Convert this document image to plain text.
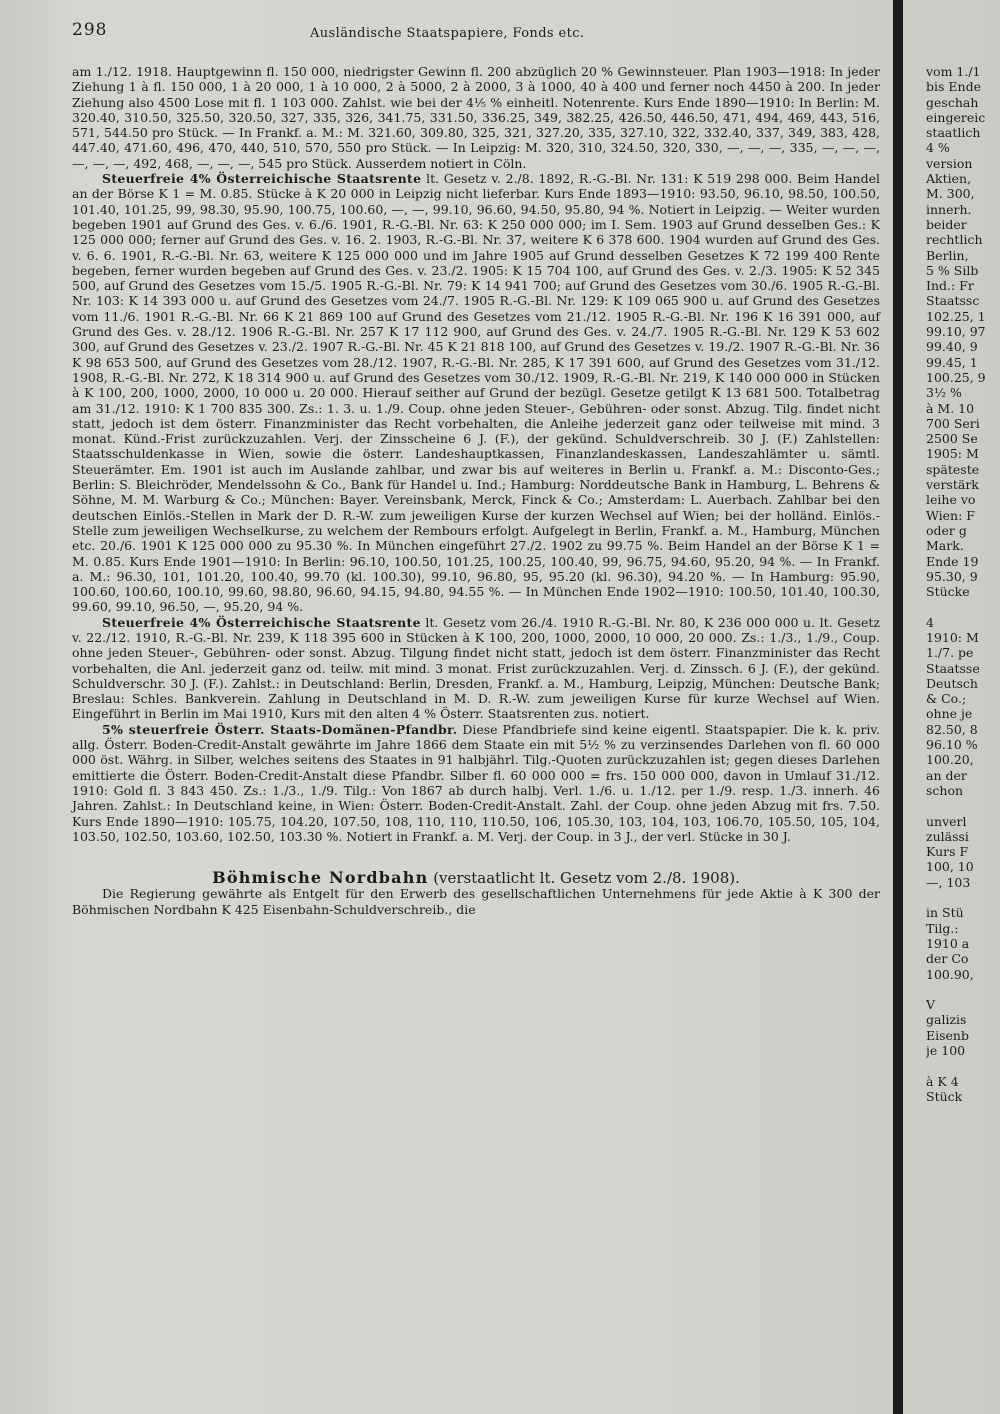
298	Ausländische Staatspapiere, Fonds etc.

am 1./12. 1918. Hauptgewinn fl. 150 000, niedrigster Gewinn fl. 200 abzüglich 20 % Gewinnsteuer. Plan 1903—1918: In jeder Ziehung 1 à fl. 150 000, 1 à 20 000, 1 à 10 000, 2 à 5000, 2 à 2000, 3 à 1000, 40 à 400 und ferner noch 4450 à 200. In jeder Ziehung also 4500 Lose mit fl. 1 103 000. Zahlst. wie bei der 4⅕ % einheitl. Notenrente. Kurs Ende 1890—1910: In Berlin: M. 320.40, 310.50, 325.50, 320.50, 327, 335, 326, 341.75, 331.50, 336.25, 349, 382.25, 426.50, 446.50, 471, 494, 469, 443, 516, 571, 544.50 pro Stück. — In Frankf. a. M.: M. 321.60, 309.80, 325, 321, 327.20, 335, 327.10, 322, 332.40, 337, 349, 383, 428, 447.40, 471.60, 496, 470, 440, 510, 570, 550 pro Stück. — In Leipzig: M. 320, 310, 324.50, 320, 330, —, —, —, 335, —, —, —, —, —, —, 492, 468, —, —, —, 545 pro Stück. Ausserdem notiert in Cöln.

Steuerfreie 4% Österreichische Staatsrente lt. Gesetz v. 2./8. 1892, R.-G.-Bl. Nr. 131: K 519 298 000. Beim Handel an der Börse K 1 = M. 0.85. Stücke à K 20 000 in Leipzig nicht lieferbar. Kurs Ende 1893—1910: 93.50, 96.10, 98.50, 100.50, 101.40, 101.25, 99, 98.30, 95.90, 100.75, 100.60, —, —, 99.10, 96.60, 94.50, 95.80, 94 %. Notiert in Leipzig. — Weiter wurden begeben 1901 auf Grund des Ges. v. 6./6. 1901, R.-G.-Bl. Nr. 63: K 250 000 000; im I. Sem. 1903 auf Grund desselben Ges.: K 125 000 000; ferner auf Grund des Ges. v. 16. 2. 1903, R.-G.-Bl. Nr. 37, weitere K 6 378 600. 1904 wurden auf Grund des Ges. v. 6. 6. 1901, R.-G.-Bl. Nr. 63, weitere K 125 000 000 und im Jahre 1905 auf Grund desselben Gesetzes K 72 199 400 Rente begeben, ferner wurden begeben auf Grund des Ges. v. 23./2. 1905: K 15 704 100, auf Grund des Ges. v. 2./3. 1905: K 52 345 500, auf Grund des Gesetzes vom 15./5. 1905 R.-G.-Bl. Nr. 79: K 14 941 700; auf Grund des Gesetzes vom 30./6. 1905 R.-G.-Bl. Nr. 103: K 14 393 000 u. auf Grund des Gesetzes vom 24./7. 1905 R.-G.-Bl. Nr. 129: K 109 065 900 u. auf Grund des Gesetzes vom 11./6. 1901 R.-G.-Bl. Nr. 66 K 21 869 100 auf Grund des Gesetzes vom 21./12. 1905 R.-G.-Bl. Nr. 196 K 16 391 000, auf Grund des Ges. v. 28./12. 1906 R.-G.-Bl. Nr. 257 K 17 112 900, auf Grund des Ges. v. 24./7. 1905 R.-G.-Bl. Nr. 129 K 53 602 300, auf Grund des Gesetzes v. 23./2. 1907 R.-G.-Bl. Nr. 45 K 21 818 100, auf Grund des Gesetzes v. 19./2. 1907 R.-G.-Bl. Nr. 36 K 98 653 500, auf Grund des Gesetzes vom 28./12. 1907, R.-G.-Bl. Nr. 285, K 17 391 600, auf Grund des Gesetzes vom 31./12. 1908, R.-G.-Bl. Nr. 272, K 18 314 900 u. auf Grund des Gesetzes vom 30./12. 1909, R.-G.-Bl. Nr. 219, K 140 000 000 in Stücken à K 100, 200, 1000, 2000, 10 000 u. 20 000. Hierauf seither auf Grund der bezügl. Gesetze getilgt K 13 681 500. Totalbetrag am 31./12. 1910: K 1 700 835 300. Zs.: 1. 3. u. 1./9. Coup. ohne jeden Steuer-, Gebühren- oder sonst. Abzug. Tilg. findet nicht statt, jedoch ist dem österr. Finanzminister das Recht vorbehalten, die Anleihe jederzeit ganz oder teilweise mit mind. 3 monat. Künd.-Frist zurückzuzahlen. Verj. der Zinsscheine 6 J. (F.), der gekünd. Schuldverschreib. 30 J. (F.) Zahlstellen: Staatsschuldenkasse in Wien, sowie die österr. Landeshauptkassen, Finanzlandeskassen, Landeszahlämter u. sämtl. Steuerämter. Em. 1901 ist auch im Auslande zahlbar, und zwar bis auf weiteres in Berlin u. Frankf. a. M.: Disconto-Ges.; Berlin: S. Bleichröder, Mendelssohn & Co., Bank für Handel u. Ind.; Hamburg: Norddeutsche Bank in Hamburg, L. Behrens & Söhne, M. M. Warburg & Co.; München: Bayer. Vereinsbank, Merck, Finck & Co.; Amsterdam: L. Auerbach. Zahlbar bei den deutschen Einlös.-Stellen in Mark der D. R.-W. zum jeweiligen Kurse der kurzen Wechsel auf Wien; bei der holländ. Einlös.-Stelle zum jeweiligen Wechselkurse, zu welchem der Rembours erfolgt. Aufgelegt in Berlin, Frankf. a. M., Hamburg, München etc. 20./6. 1901 K 125 000 000 zu 95.30 %. In München eingeführt 27./2. 1902 zu 99.75 %. Beim Handel an der Börse K 1 = M. 0.85. Kurs Ende 1901—1910: In Berlin: 96.10, 100.50, 101.25, 100.25, 100.40, 99, 96.75, 94.60, 95.20, 94 %. — In Frankf. a. M.: 96.30, 101, 101.20, 100.40, 99.70 (kl. 100.30), 99.10, 96.80, 95, 95.20 (kl. 96.30), 94.20 %. — In Hamburg: 95.90, 100.60, 100.60, 100.10, 99.60, 98.80, 96.60, 94.15, 94.80, 94.55 %. — In München Ende 1902—1910: 100.50, 101.40, 100.30, 99.60, 99.10, 96.50, —, 95.20, 94 %.

Steuerfreie 4% Österreichische Staatsrente lt. Gesetz vom 26./4. 1910 R.-G.-Bl. Nr. 80, K 236 000 000 u. lt. Gesetz v. 22./12. 1910, R.-G.-Bl. Nr. 239, K 118 395 600 in Stücken à K 100, 200, 1000, 2000, 10 000, 20 000. Zs.: 1./3., 1./9., Coup. ohne jeden Steuer-, Gebühren- oder sonst. Abzug. Tilgung findet nicht statt, jedoch ist dem österr. Finanzminister das Recht vorbehalten, die Anl. jederzeit ganz od. teilw. mit mind. 3 monat. Frist zurückzuzahlen. Verj. d. Zinssch. 6 J. (F.), der gekünd. Schuldverschr. 30 J. (F.). Zahlst.: in Deutschland: Berlin, Dresden, Frankf. a. M., Hamburg, Leipzig, München: Deutsche Bank; Breslau: Schles. Bankverein. Zahlung in Deutschland in M. D. R.-W. zum jeweiligen Kurse für kurze Wechsel auf Wien. Eingeführt in Berlin im Mai 1910, Kurs mit den alten 4 % Österr. Staatsrenten zus. notiert.

5% steuerfreie Österr. Staats-Domänen-Pfandbr. Diese Pfandbriefe sind keine eigentl. Staatspapier. Die k. k. priv. allg. Österr. Boden-Credit-Anstalt gewährte im Jahre 1866 dem Staate ein mit 5½ % zu verzinsendes Darlehen von fl. 60 000 000 öst. Währg. in Silber, welches seitens des Staates in 91 halbjährl. Tilg.-Quoten zurückzuzahlen ist; gegen dieses Darlehen emittierte die Österr. Boden-Credit-Anstalt diese Pfandbr. Silber fl. 60 000 000 = frs. 150 000 000, davon in Umlauf 31./12. 1910: Gold fl. 3 843 450. Zs.: 1./3., 1./9. Tilg.: Von 1867 ab durch halbj. Verl. 1./6. u. 1./12. per 1./9. resp. 1./3. innerh. 46 Jahren. Zahlst.: In Deutschland keine, in Wien: Österr. Boden-Credit-Anstalt. Zahl. der Coup. ohne jeden Abzug mit frs. 7.50. Kurs Ende 1890—1910: 105.75, 104.20, 107.50, 108, 110, 110, 110.50, 106, 105.30, 103, 104, 103, 106.70, 105.50, 105, 104, 103.50, 102.50, 103.60, 102.50, 103.30 %. Notiert in Frankf. a. M. Verj. der Coup. in 3 J., der verl. Stücke in 30 J.

Böhmische Nordbahn (verstaatlicht lt. Gesetz vom 2./8. 1908).

Die Regierung gewährte als Entgelt für den Erwerb des gesellschaftlichen Unternehmens für jede Aktie à K 300 der Böhmischen Nordbahn K 425 Eisenbahn-Schuldverschreib., die

vom 1./1
bis Ende
geschah
eingereic
staatlich
4 %
version
Aktien,
M. 300,
innerh.
beider
rechtlich
Berlin,
5 % Silb
Ind.: Fr
Staatssc
102.25, 1
99.10, 97
99.40, 9
99.45, 1
100.25, 9
3½ %
à M. 10
700 Seri
2500 Se
1905: M
späteste
verstärk
leihe vo
Wien: F
oder g
Mark.
Ende 19
95.30, 9
Stücke
4
1910: M
1./7. pe
Staatsse
Deutsch
& Co.;
ohne je
82.50, 8
96.10 %
100.20,
an der
schon
unverl
zulässi
Kurs F
100, 10
—, 103
in Stü
Tilg.:
1910 a
der Co
100.90,
V
galizis
Eisenb
je 100
à K 4
Stück
